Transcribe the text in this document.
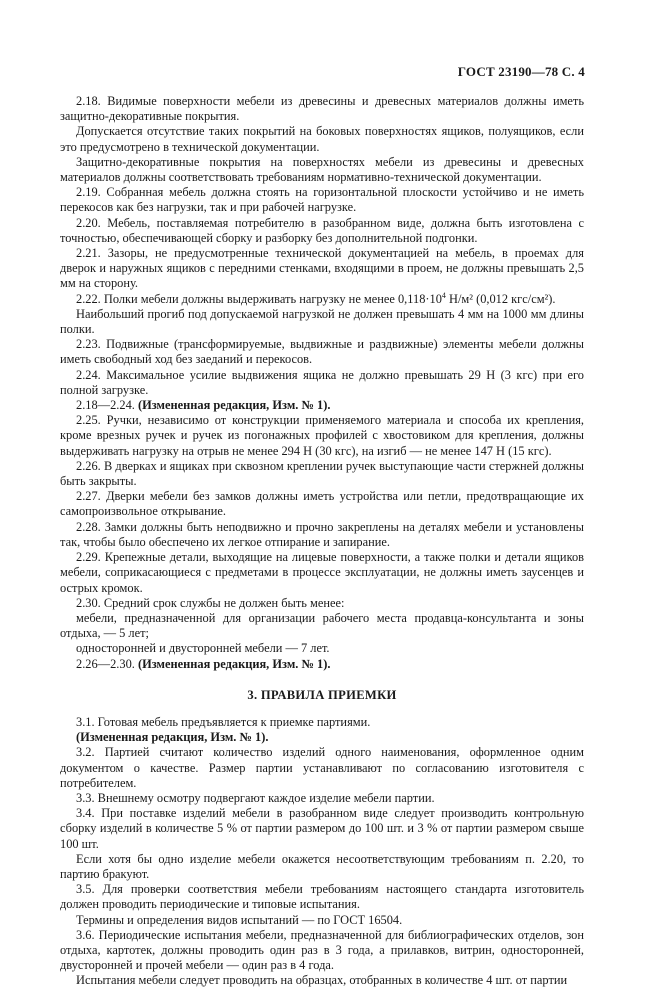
ГОСТ 23190—78 С. 4

2.18. Видимые поверхности мебели из древесины и древесных материалов должны иметь защитно-декоративные покрытия.

Допускается отсутствие таких покрытий на боковых поверхностях ящиков, полуящиков, если это предусмотрено в технической документации.

Защитно-декоративные покрытия на поверхностях мебели из древесины и древесных материалов должны соответствовать требованиям нормативно-технической документации.

2.19. Собранная мебель должна стоять на горизонтальной плоскости устойчиво и не иметь перекосов как без нагрузки, так и при рабочей нагрузке.

2.20. Мебель, поставляемая потребителю в разобранном виде, должна быть изготовлена с точностью, обеспечивающей сборку и разборку без дополнительной подгонки.

2.21. Зазоры, не предусмотренные технической документацией на мебель, в проемах для дверок и наружных ящиков с передними стенками, входящими в проем, не должны превышать 2,5 мм на сторону.

2.22. Полки мебели должны выдерживать нагрузку не менее $0,118\cdot 10^4$ Н/м² (0,012 кгс/см²).

Наибольший прогиб под допускаемой нагрузкой не должен превышать 4 мм на 1000 мм длины полки.

2.23. Подвижные (трансформируемые, выдвижные и раздвижные) элементы мебели должны иметь свободный ход без заеданий и перекосов.

2.24. Максимальное усилие выдвижения ящика не должно превышать 29 Н (3 кгс) при его полной загрузке.

2.18—2.24. (Измененная редакция, Изм. № 1).

2.25. Ручки, независимо от конструкции применяемого материала и способа их крепления, кроме врезных ручек и ручек из погонажных профилей с хвостовиком для крепления, должны выдерживать нагрузку на отрыв не менее 294 Н (30 кгс), на изгиб — не менее 147 Н (15 кгс).

2.26. В дверках и ящиках при сквозном креплении ручек выступающие части стержней должны быть закрыты.

2.27. Дверки мебели без замков должны иметь устройства или петли, предотвращающие их самопроизвольное открывание.

2.28. Замки должны быть неподвижно и прочно закреплены на деталях мебели и установлены так, чтобы было обеспечено их легкое отпирание и запирание.

2.29. Крепежные детали, выходящие на лицевые поверхности, а также полки и детали ящиков мебели, соприкасающиеся с предметами в процессе эксплуатации, не должны иметь заусенцев и острых кромок.

2.30. Средний срок службы не должен быть менее:

мебели, предназначенной для организации рабочего места продавца-консультанта и зоны отдыха, — 5 лет;

односторонней и двусторонней мебели — 7 лет.

2.26—2.30. (Измененная редакция, Изм. № 1).

3. ПРАВИЛА ПРИЕМКИ

3.1. Готовая мебель предъявляется к приемке партиями.

(Измененная редакция, Изм. № 1).

3.2. Партией считают количество изделий одного наименования, оформленное одним документом о качестве. Размер партии устанавливают по согласованию изготовителя с потребителем.

3.3. Внешнему осмотру подвергают каждое изделие мебели партии.

3.4. При поставке изделий мебели в разобранном виде следует производить контрольную сборку изделий в количестве 5 % от партии размером до 100 шт. и 3 % от партии размером свыше 100 шт.

Если хотя бы одно изделие мебели окажется несоответствующим требованиям п. 2.20, то партию бракуют.

3.5. Для проверки соответствия мебели требованиям настоящего стандарта изготовитель должен проводить периодические и типовые испытания.

Термины и определения видов испытаний — по ГОСТ 16504.

3.6. Периодические испытания мебели, предназначенной для библиографических отделов, зон отдыха, картотек, должны проводить один раз в 3 года, а прилавков, витрин, односторонней, двусторонней и прочей мебели — один раз в 4 года.

Испытания мебели следует проводить на образцах, отобранных в количестве 4 шт. от партии
